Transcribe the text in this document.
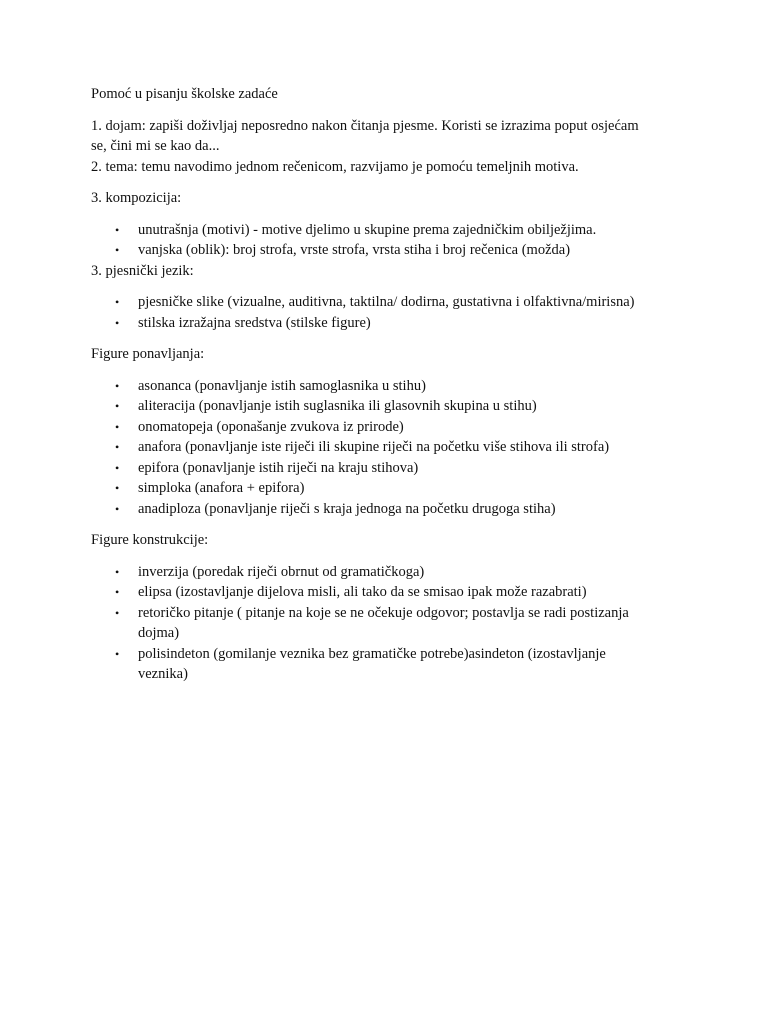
Pomoć u pisanju školske zadaće

1. dojam: zapiši doživljaj neposredno nakon čitanja pjesme. Koristi se izrazima poput osjećam

se, čini mi se kao da...

2. tema: temu navodimo jednom rečenicom, razvijamo je pomoću temeljnih motiva.

3. kompozicija:

•
unutrašnja (motivi) - motive djelimo u skupine prema zajedničkim obilježjima.
•
vanjska (oblik): broj strofa, vrste strofa, vrsta stiha i broj rečenica (možda)

3. pjesnički jezik:

•
pjesničke slike (vizualne, auditivna, taktilna/ dodirna, gustativna i olfaktivna/mirisna)
•
stilska izražajna sredstva (stilske figure)

Figure ponavljanja:

•
asonanca (ponavljanje istih samoglasnika u stihu)
•
aliteracija (ponavljanje istih suglasnika ili glasovnih skupina u stihu)
•
onomatopeja (oponašanje zvukova iz prirode)
•
anafora (ponavljanje iste riječi ili skupine riječi na početku više stihova ili strofa)
•
epifora (ponavljanje istih riječi na kraju stihova)
•
simploka (anafora + epifora)
•
anadiploza (ponavljanje riječi s kraja jednoga na početku drugoga stiha)

Figure konstrukcije:

•
inverzija (poredak riječi obrnut od gramatičkoga)
•
elipsa (izostavljanje dijelova misli, ali tako da se smisao ipak može razabrati)
•
retoričko pitanje ( pitanje na koje se ne očekuje odgovor; postavlja se radi postizanja
dojma)
•
polisindeton (gomilanje veznika bez gramatičke potrebe)asindeton (izostavljanje
veznika)
